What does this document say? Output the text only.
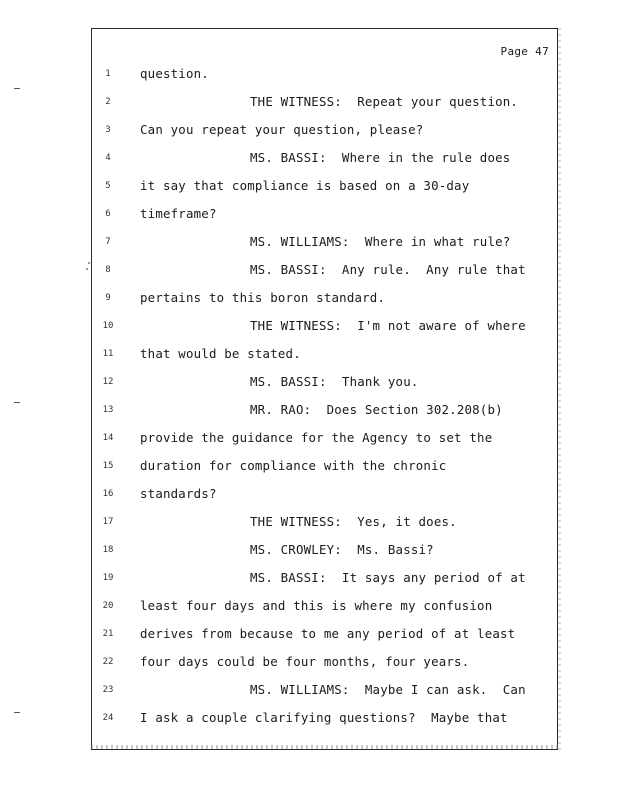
Page 47
1	question.
2	THE WITNESS:  Repeat your question.
3	Can you repeat your question, please?
4	MS. BASSI:  Where in the rule does
5	it say that compliance is based on a 30-day
6	timeframe?
7	MS. WILLIAMS:  Where in what rule?
8	MS. BASSI:  Any rule.  Any rule that
9	pertains to this boron standard.
10	THE WITNESS:  I'm not aware of where
11	that would be stated.
12	MS. BASSI:  Thank you.
13	MR. RAO:  Does Section 302.208(b)
14	provide the guidance for the Agency to set the
15	duration for compliance with the chronic
16	standards?
17	THE WITNESS:  Yes, it does.
18	MS. CROWLEY:  Ms. Bassi?
19	MS. BASSI:  It says any period of at
20	least four days and this is where my confusion
21	derives from because to me any period of at least
22	four days could be four months, four years.
23	MS. WILLIAMS:  Maybe I can ask.  Can
24	I ask a couple clarifying questions?  Maybe that
